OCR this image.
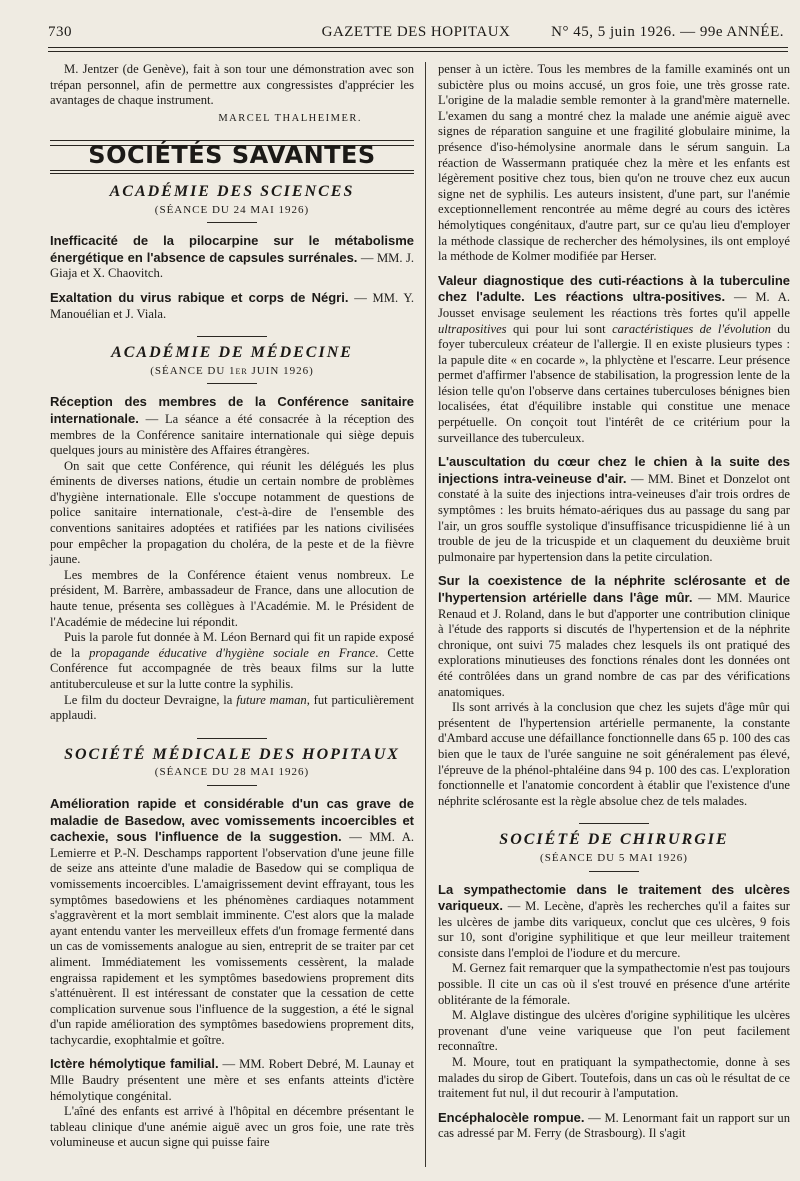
730	GAZETTE DES HOPITAUX	N° 45, 5 juin 1926. — 99e ANNÉE.

M. Jentzer (de Genève), fait à son tour une démonstration avec son trépan personnel, afin de permettre aux congressistes d'apprécier les avantages de chaque instrument.

MARCEL THALHEIMER.
SOCIÉTÉS SAVANTES
ACADÉMIE DES SCIENCES
(SÉANCE DU 24 MAI 1926)

Inefficacité de la pilocarpine sur le métabolisme énergétique en l'absence de capsules surrénales. — MM. J. Giaja et X. Chaovitch.

Exaltation du virus rabique et corps de Négri. — MM. Y. Manouélian et J. Viala.

ACADÉMIE DE MÉDECINE
(SÉANCE DU 1er JUIN 1926)

Réception des membres de la Conférence sanitaire internationale. — La séance a été consacrée à la réception des membres de la Conférence sanitaire internationale qui siège depuis quelques jours au ministère des Affaires étrangères.

On sait que cette Conférence, qui réunit les délégués les plus éminents de diverses nations, étudie un certain nombre de problèmes d'hygiène internationale. Elle s'occupe notamment de questions de police sanitaire internationale, c'est-à-dire de l'ensemble des conventions sanitaires adoptées et ratifiées par les nations civilisées pour empêcher la propagation du choléra, de la peste et de la fièvre jaune.

Les membres de la Conférence étaient venus nombreux. Le président, M. Barrère, ambassadeur de France, dans une allocution de haute tenue, présenta ses collègues à l'Académie. M. le Président de l'Académie de médecine lui répondit.

Puis la parole fut donnée à M. Léon Bernard qui fit un rapide exposé de la propagande éducative d'hygiène sociale en France. Cette Conférence fut accompagnée de très beaux films sur la lutte antituberculeuse et sur la lutte contre la syphilis.

Le film du docteur Devraigne, la future maman, fut particulièrement applaudi.

SOCIÉTÉ MÉDICALE DES HOPITAUX
(SÉANCE DU 28 MAI 1926)

Amélioration rapide et considérable d'un cas grave de maladie de Basedow, avec vomissements incoercibles et cachexie, sous l'influence de la suggestion. — MM. A. Lemierre et P.-N. Deschamps rapportent l'observation d'une jeune fille de seize ans atteinte d'une maladie de Basedow qui se compliqua de vomissements incoercibles. L'amaigrissement devint effrayant, tous les symptômes basedowiens et les phénomènes cardiaques notamment s'aggravèrent et la mort semblait imminente. C'est alors que la malade ayant entendu vanter les merveilleux effets d'un fromage fermenté dans un cas de vomissements analogue au sien, entreprit de se traiter par cet aliment. Immédiatement les vomissements cessèrent, la malade engraissa rapidement et les symptômes basedowiens proprement dits s'atténuèrent. Il est intéressant de constater que la cessation de cette complication survenue sous l'influence de la suggestion, a été le signal d'un rapide amélioration des symptômes basedowiens proprement dits, tachycardie, exophtalmie et goître.

Ictère hémolytique familial. — MM. Robert Debré, M. Launay et Mlle Baudry présentent une mère et ses enfants atteints d'ictère hémolytique congénital.

L'aîné des enfants est arrivé à l'hôpital en décembre présentant le tableau clinique d'une anémie aiguë avec un gros foie, une rate très volumineuse et aucun signe qui puisse faire

penser à un ictère. Tous les membres de la famille examinés ont un subictère plus ou moins accusé, un gros foie, une très grosse rate. L'origine de la maladie semble remonter à la grand'mère maternelle. L'examen du sang a montré chez la malade une anémie aiguë avec signes de réparation sanguine et une fragilité globulaire minime, la présence d'iso-hémolysine anormale dans le sérum sanguin. La réaction de Wassermann pratiquée chez la mère et les enfants est légèrement positive chez tous, bien qu'on ne trouve chez eux aucun signe net de syphilis. Les auteurs insistent, d'une part, sur l'anémie exceptionnellement rencontrée au même degré au cours des ictères hémolytiques congénitaux, d'autre part, sur ce qu'au lieu d'employer la méthode classique de rechercher des hémolysines, ils ont employé la méthode de Kolmer modifiée par Herser.

Valeur diagnostique des cuti-réactions à la tuberculine chez l'adulte. Les réactions ultra-positives. — M. A. Jousset envisage seulement les réactions très fortes qu'il appelle ultrapositives qui pour lui sont caractéristiques de l'évolution du foyer tuberculeux créateur de l'allergie. Il en existe plusieurs types : la papule dite « en cocarde », la phlyctène et l'escarre. Leur présence permet d'affirmer l'absence de stabilisation, la progression lente de la lésion telle qu'on l'observe dans certaines tuberculoses bénignes bien localisées, état d'équilibre instable qui constitue une menace perpétuelle. On conçoit tout l'intérêt de ce critérium pour la surveillance des tuberculeux.

L'auscultation du cœur chez le chien à la suite des injections intra-veineuse d'air. — MM. Binet et Donzelot ont constaté à la suite des injections intra-veineuses d'air trois ordres de symptômes : les bruits hémato-aériques dus au passage du sang par l'air, un gros souffle systolique d'insuffisance tricuspidienne lié à un trouble de jeu de la tricuspide et un claquement du deuxième bruit pulmonaire par hypertension dans la petite circulation.

Sur la coexistence de la néphrite sclérosante et de l'hypertension artérielle dans l'âge mûr. — MM. Maurice Renaud et J. Roland, dans le but d'apporter une contribution clinique à l'étude des rapports si discutés de l'hypertension et de la néphrite chronique, ont suivi 75 malades chez lesquels ils ont pratiqué des explorations minutieuses des fonctions rénales dont les données ont été contrôlées dans un grand nombre de cas par des vérifications anatomiques.

Ils sont arrivés à la conclusion que chez les sujets d'âge mûr qui présentent de l'hypertension artérielle permanente, la constante d'Ambard accuse une défaillance fonctionnelle dans 65 p. 100 des cas bien que le taux de l'urée sanguine ne soit généralement pas élevé, l'épreuve de la phénol-phtaléine dans 94 p. 100 des cas. L'exploration fonctionnelle et l'anatomie concordent à établir que l'existence d'une néphrite sclérosante est la règle absolue chez de tels malades.

SOCIÉTÉ DE CHIRURGIE
(SÉANCE DU 5 MAI 1926)

La sympathectomie dans le traitement des ulcères variqueux. — M. Lecène, d'après les recherches qu'il a faites sur les ulcères de jambe dits variqueux, conclut que ces ulcères, 9 fois sur 10, sont d'origine syphilitique et que leur meilleur traitement consiste dans l'emploi de l'iodure et du mercure.

M. Gernez fait remarquer que la sympathectomie n'est pas toujours possible. Il cite un cas où il s'est trouvé en présence d'une artérite oblitérante de la fémorale.

M. Alglave distingue des ulcères d'origine syphilitique les ulcères provenant d'une veine variqueuse que l'on peut facilement reconnaître.

M. Moure, tout en pratiquant la sympathectomie, donne à ses malades du sirop de Gibert. Toutefois, dans un cas où le résultat de ce traitement fut nul, il dut recourir à l'amputation.

Encéphalocèle rompue. — M. Lenormant fait un rapport sur un cas adressé par M. Ferry (de Strasbourg). Il s'agit
